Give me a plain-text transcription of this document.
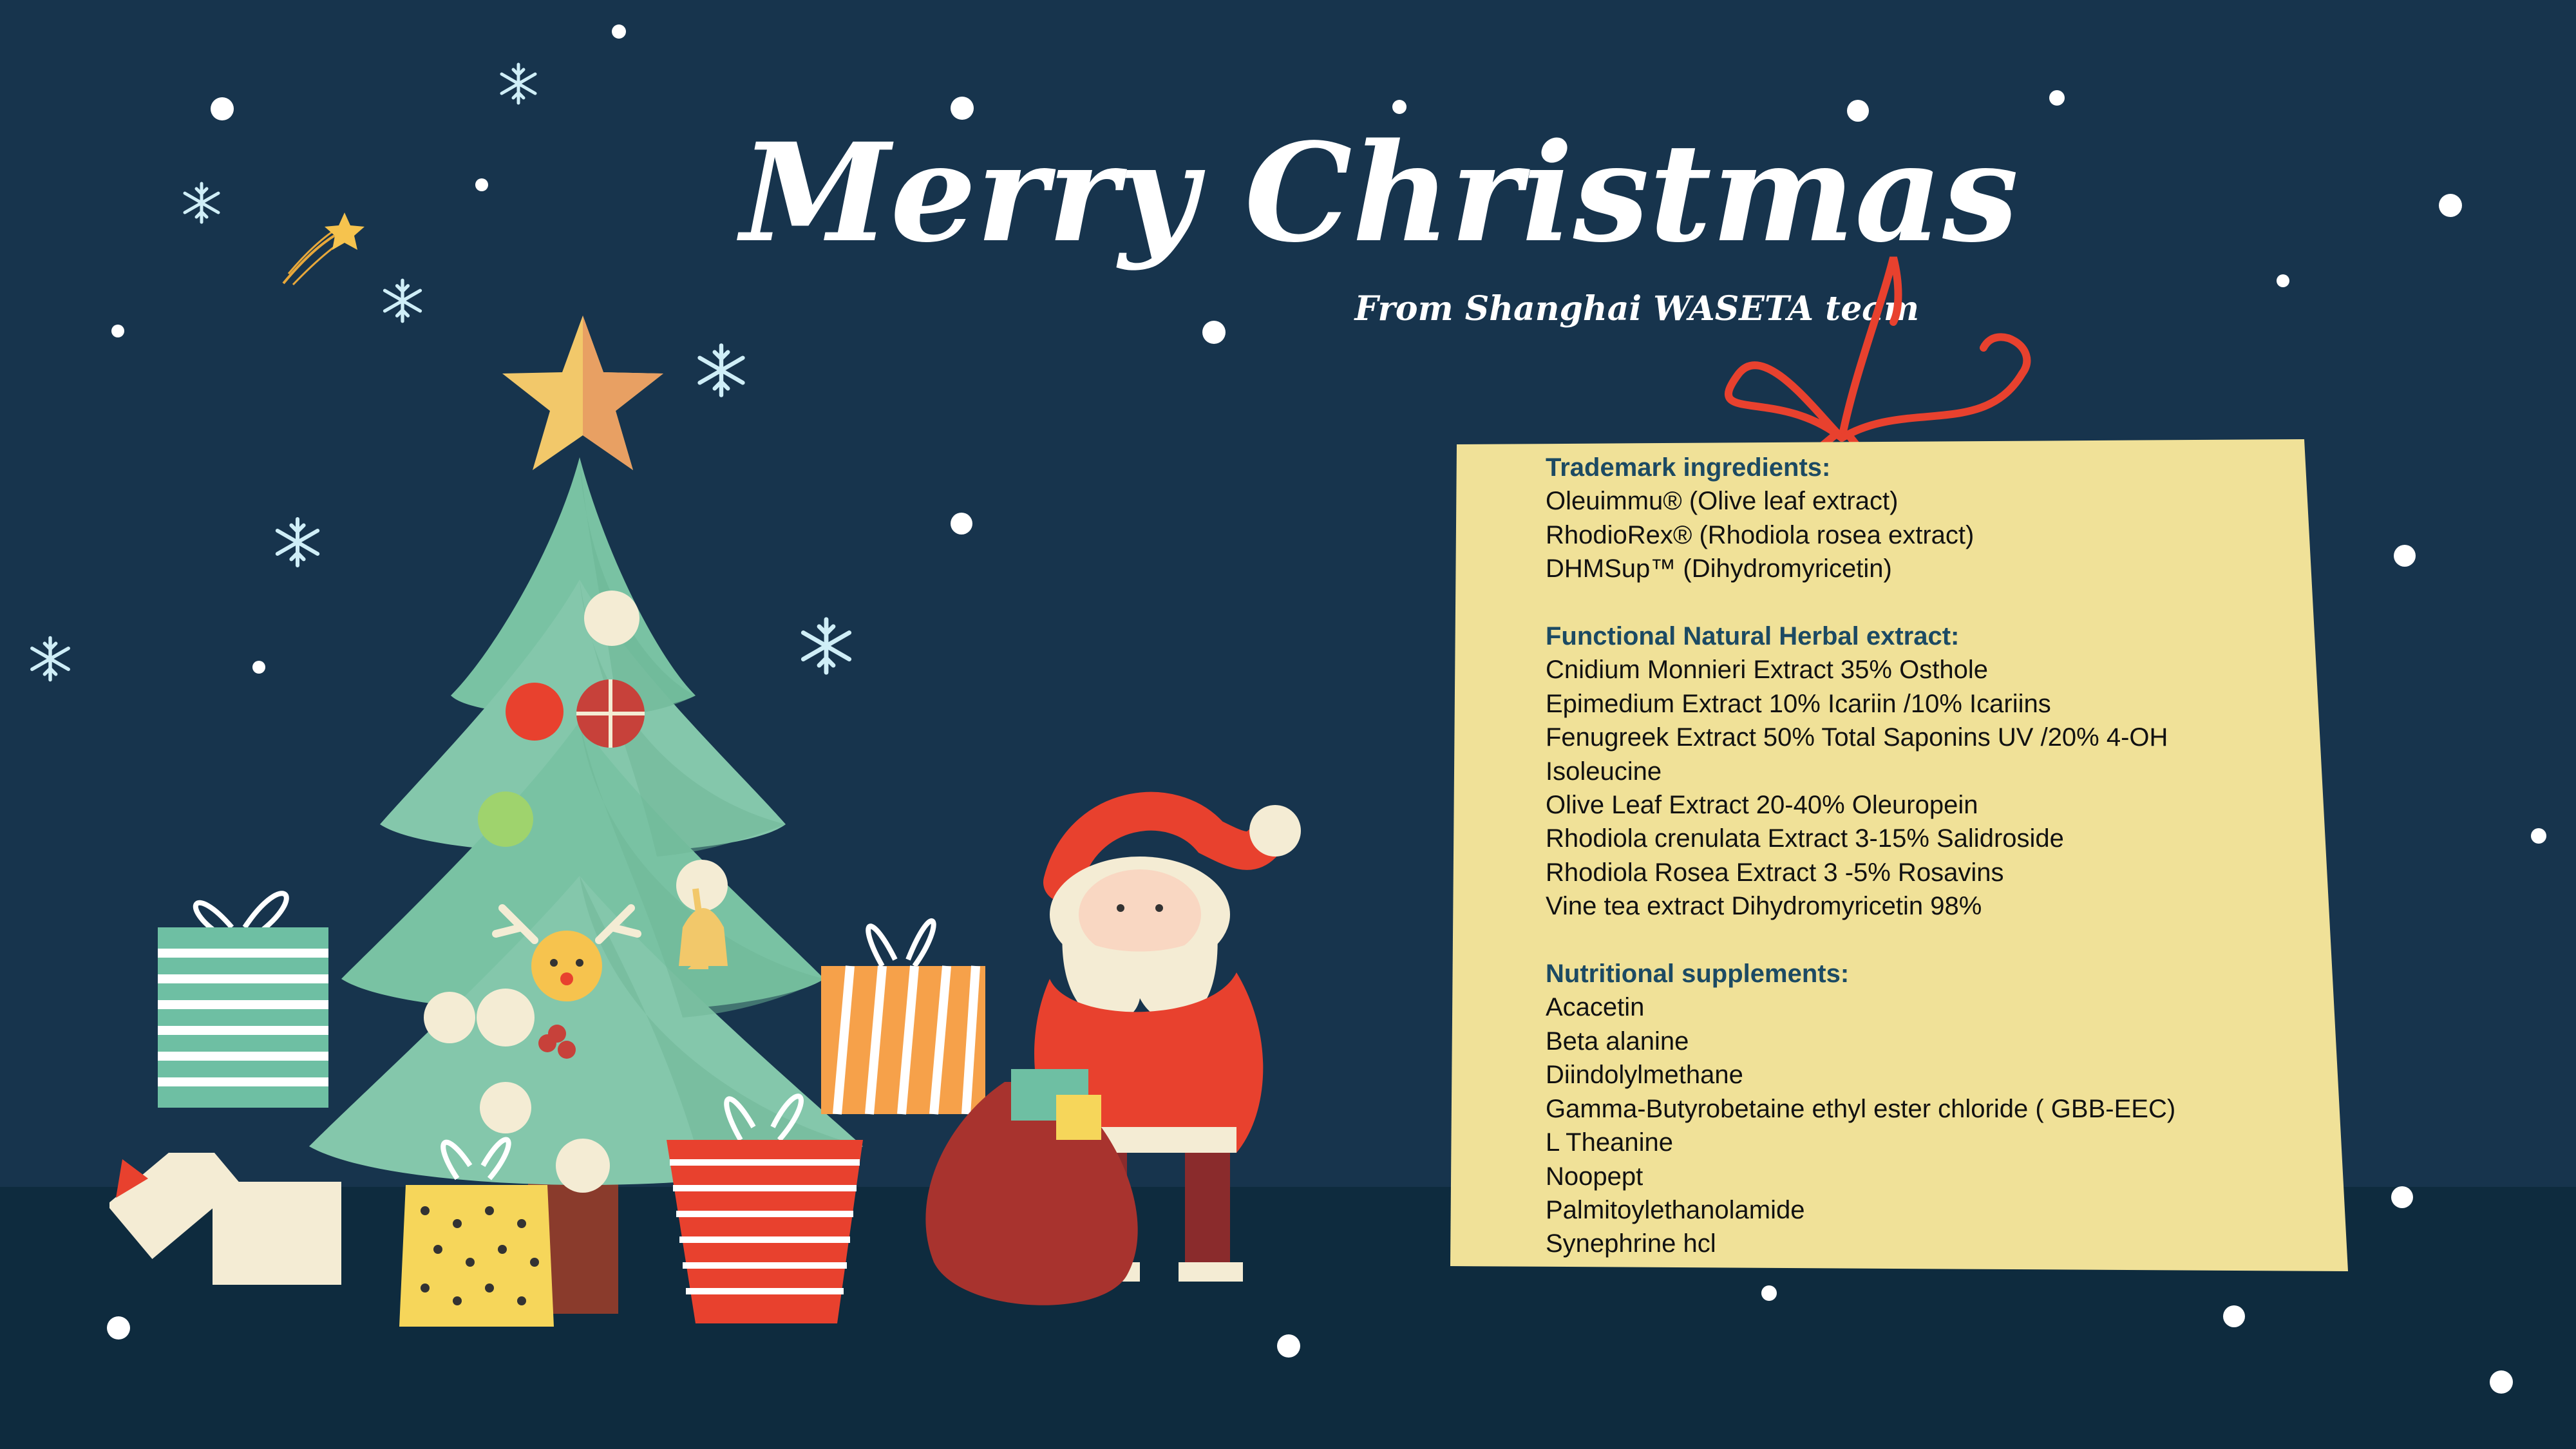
Merry Christmas
From Shanghai WASETA team
Trademark ingredients:
Oleuimmu® (Olive leaf extract)
RhodioRex® (Rhodiola rosea extract)
DHMSup™ (Dihydromyricetin)
Functional Natural Herbal extract:
Cnidium Monnieri Extract 35% Osthole
Epimedium Extract 10% Icariin /10% Icariins
Fenugreek Extract 50% Total Saponins UV /20% 4-OH
Isoleucine
Olive Leaf Extract 20-40% Oleuropein
Rhodiola crenulata Extract 3-15% Salidroside
Rhodiola Rosea Extract 3 -5% Rosavins
Vine tea extract Dihydromyricetin 98%
Nutritional supplements:
Acacetin
Beta alanine
Diindolylmethane
Gamma-Butyrobetaine ethyl ester chloride ( GBB-EEC)
L Theanine
Noopept
Palmitoylethanolamide
Synephrine hcl
